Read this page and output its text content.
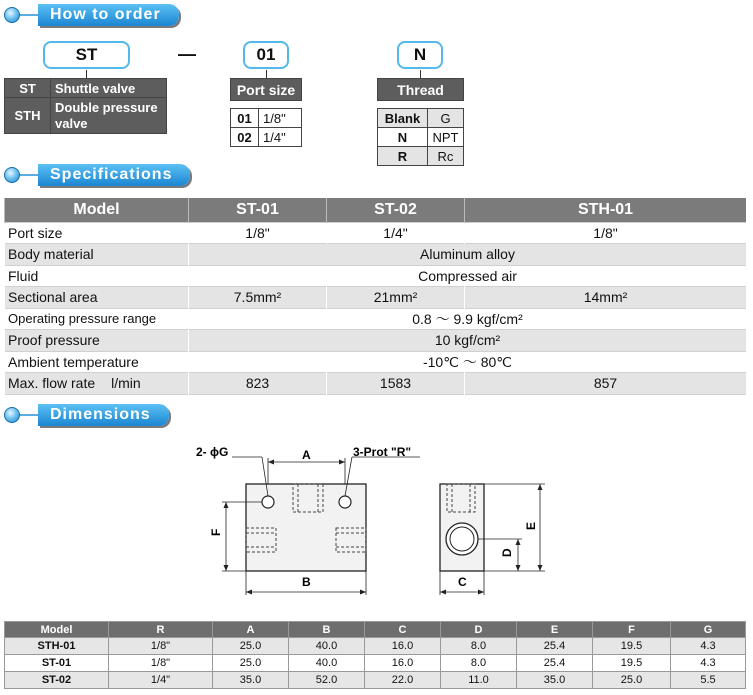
How to order
ST	—	01	N
ST	Shuttle valve
STH	Double pressure valve
Port size
01	1/8"
02	1/4"
Thread
Blank	G
N	NPT
R	Rc
Specifications
Model	ST-01	ST-02	STH-01
Port size	1/8"	1/4"	1/8"
Body material	Aluminum alloy		
Fluid	Compressed air		
Sectional area	7.5mm²	21mm²	14mm²
Operating pressure range	0.8 ～ 9.9 kgf/cm²		
Proof pressure	10 kgf/cm²		
Ambient temperature	-10℃ ～ 80℃		
Max. flow rate l/min	823	1583	857
Dimensions
A
2- ϕG	3-Prot "R"
B
F
E
D
C
Model	R	A	B	C	D	E	F	G
STH-01	1/8"	25.0	40.0	16.0	8.0	25.4	19.5	4.3
ST-01	1/8"	25.0	40.0	16.0	8.0	25.4	19.5	4.3
ST-02	1/4"	35.0	52.0	22.0	11.0	35.0	25.0	5.5
